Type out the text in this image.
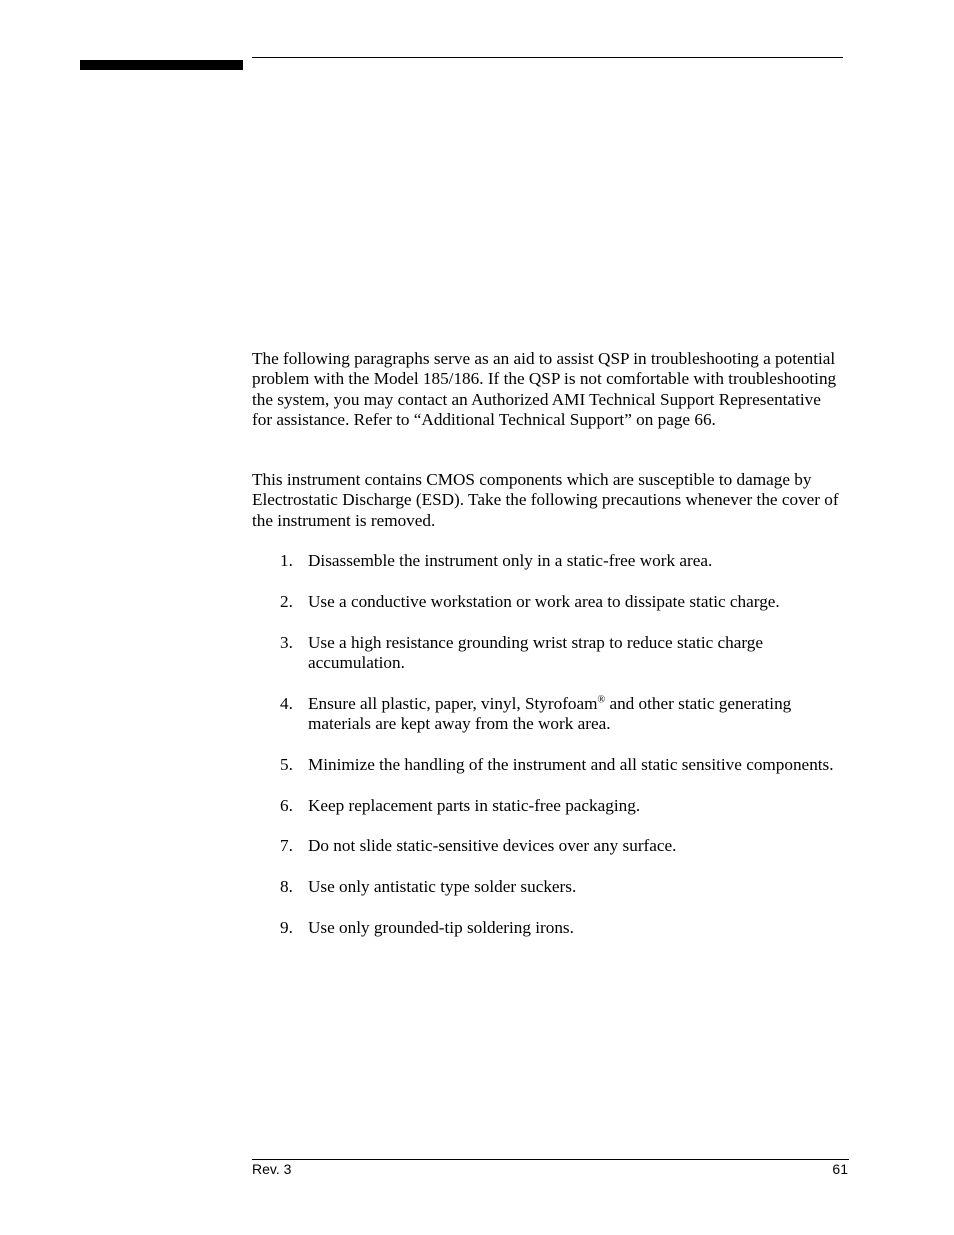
The following paragraphs serve as an aid to assist QSP in troubleshooting a potential problem with the Model 185/186. If the QSP is not comfortable with troubleshooting the system, you may contact an Authorized AMI Technical Support Representative for assistance. Refer to “Additional Technical Support” on page 66.

This instrument contains CMOS components which are susceptible to damage by Electrostatic Discharge (ESD). Take the following precautions whenever the cover of the instrument is removed.

1. Disassemble the instrument only in a static-free work area.
2. Use a conductive workstation or work area to dissipate static charge.
3. Use a high resistance grounding wrist strap to reduce static charge accumulation.
4. Ensure all plastic, paper, vinyl, Styrofoam® and other static generating materials are kept away from the work area.
5. Minimize the handling of the instrument and all static sensitive components.
6. Keep replacement parts in static-free packaging.
7. Do not slide static-sensitive devices over any surface.
8. Use only antistatic type solder suckers.
9. Use only grounded-tip soldering irons.
Rev. 3	61
